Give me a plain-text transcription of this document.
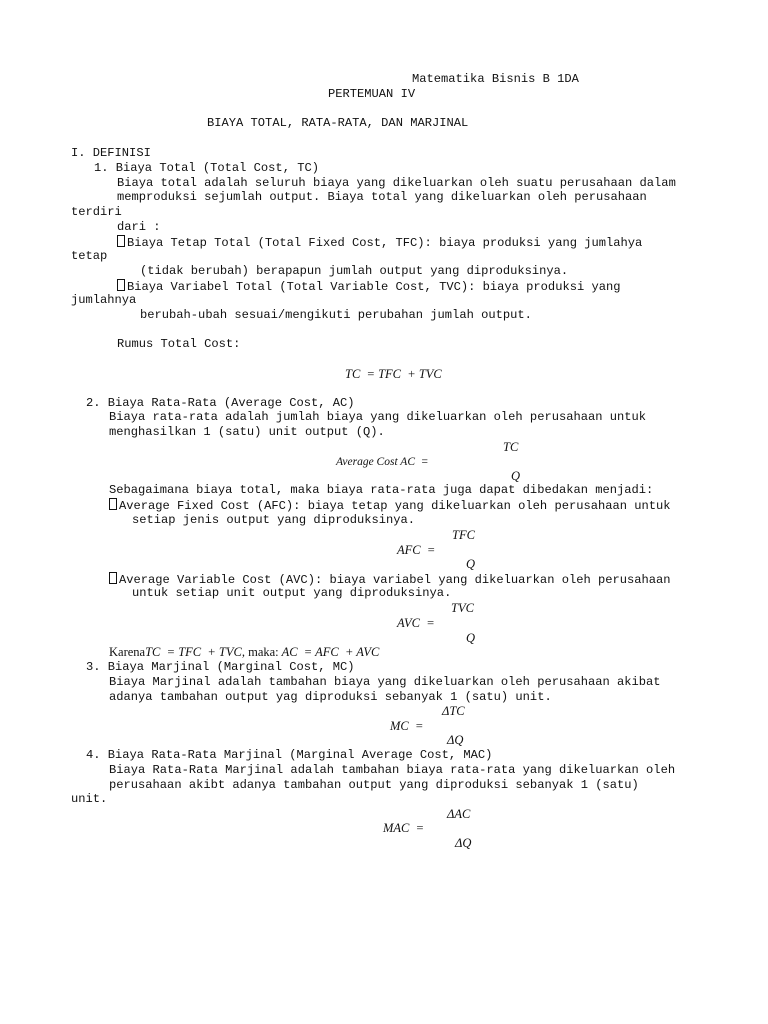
Matematika Bisnis B 1DA
PERTEMUAN IV
BIAYA TOTAL, RATA-RATA, DAN MARJINAL
I. DEFINISI
1. Biaya Total (Total Cost, TC)
Biaya total adalah seluruh biaya yang dikeluarkan oleh suatu perusahaan dalam
memproduksi sejumlah output. Biaya total yang dikeluarkan oleh perusahaan
terdiri
dari :
Biaya Tetap Total (Total Fixed Cost, TFC): biaya produksi yang jumlahya
tetap
(tidak berubah) berapapun jumlah output yang diproduksinya.
Biaya Variabel Total (Total Variable Cost, TVC): biaya produksi yang
jumlahnya
berubah-ubah sesuai/mengikuti perubahan jumlah output.
Rumus Total Cost:
TC  = TFC  + TVC
2. Biaya Rata-Rata (Average Cost, AC)
Biaya rata-rata adalah jumlah biaya yang dikeluarkan oleh perusahaan untuk
menghasilkan 1 (satu) unit output (Q).
TC
Average Cost AC  =
Q
Sebagaimana biaya total, maka biaya rata-rata juga dapat dibedakan menjadi:
Average Fixed Cost (AFC): biaya tetap yang dikeluarkan oleh perusahaan untuk
setiap jenis output yang diproduksinya.
TFC
AFC  =
Q
Average Variable Cost (AVC): biaya variabel yang dikeluarkan oleh perusahaan
untuk setiap unit output yang diproduksinya.
TVC
AVC  =
Q
KarenaTC  = TFC  + TVC, maka: AC  = AFC  + AVC
3. Biaya Marjinal (Marginal Cost, MC)
Biaya Marjinal adalah tambahan biaya yang dikeluarkan oleh perusahaan akibat
adanya tambahan output yag diproduksi sebanyak 1 (satu) unit.
ΔTC
MC  =
ΔQ
4. Biaya Rata-Rata Marjinal (Marginal Average Cost, MAC)
Biaya Rata-Rata Marjinal adalah tambahan biaya rata-rata yang dikeluarkan oleh
perusahaan akibt adanya tambahan output yang diproduksi sebanyak 1 (satu)
unit.
ΔAC
MAC  =
ΔQ
